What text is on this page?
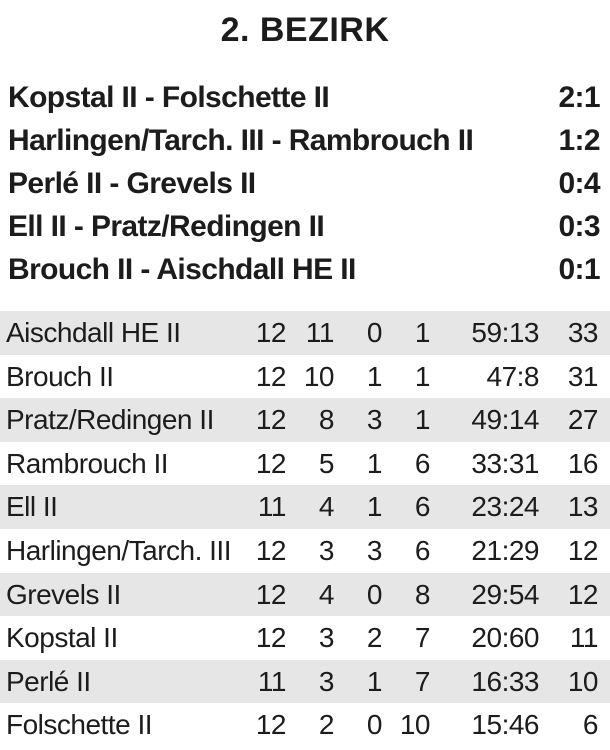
2. BEZIRK
Kopstal II - Folschette II	2:1
Harlingen/Tarch. III - Rambrouch II	1:2
Perlé II - Grevels II	0:4
Ell II - Pratz/Redingen II	0:3
Brouch II - Aischdall HE II	0:1
Aischdall HE II	12 11 0 1 59:13 33
Brouch II	12 10 1 1 47:8 31
Pratz/Redingen II 12 8 3 1 49:14 27
Rambrouch II	12 5 1 6 33:31 16
Ell II	11 4 1 6 23:24 13
Harlingen/Tarch. III 12 3 3 6 21:29 12
Grevels II	12 4 0 8 29:54 12
Kopstal II	12 3 2 7 20:60 11
Perlé II	11 3 1 7 16:33 10
Folschette II	12 2 0 10 15:46 6
